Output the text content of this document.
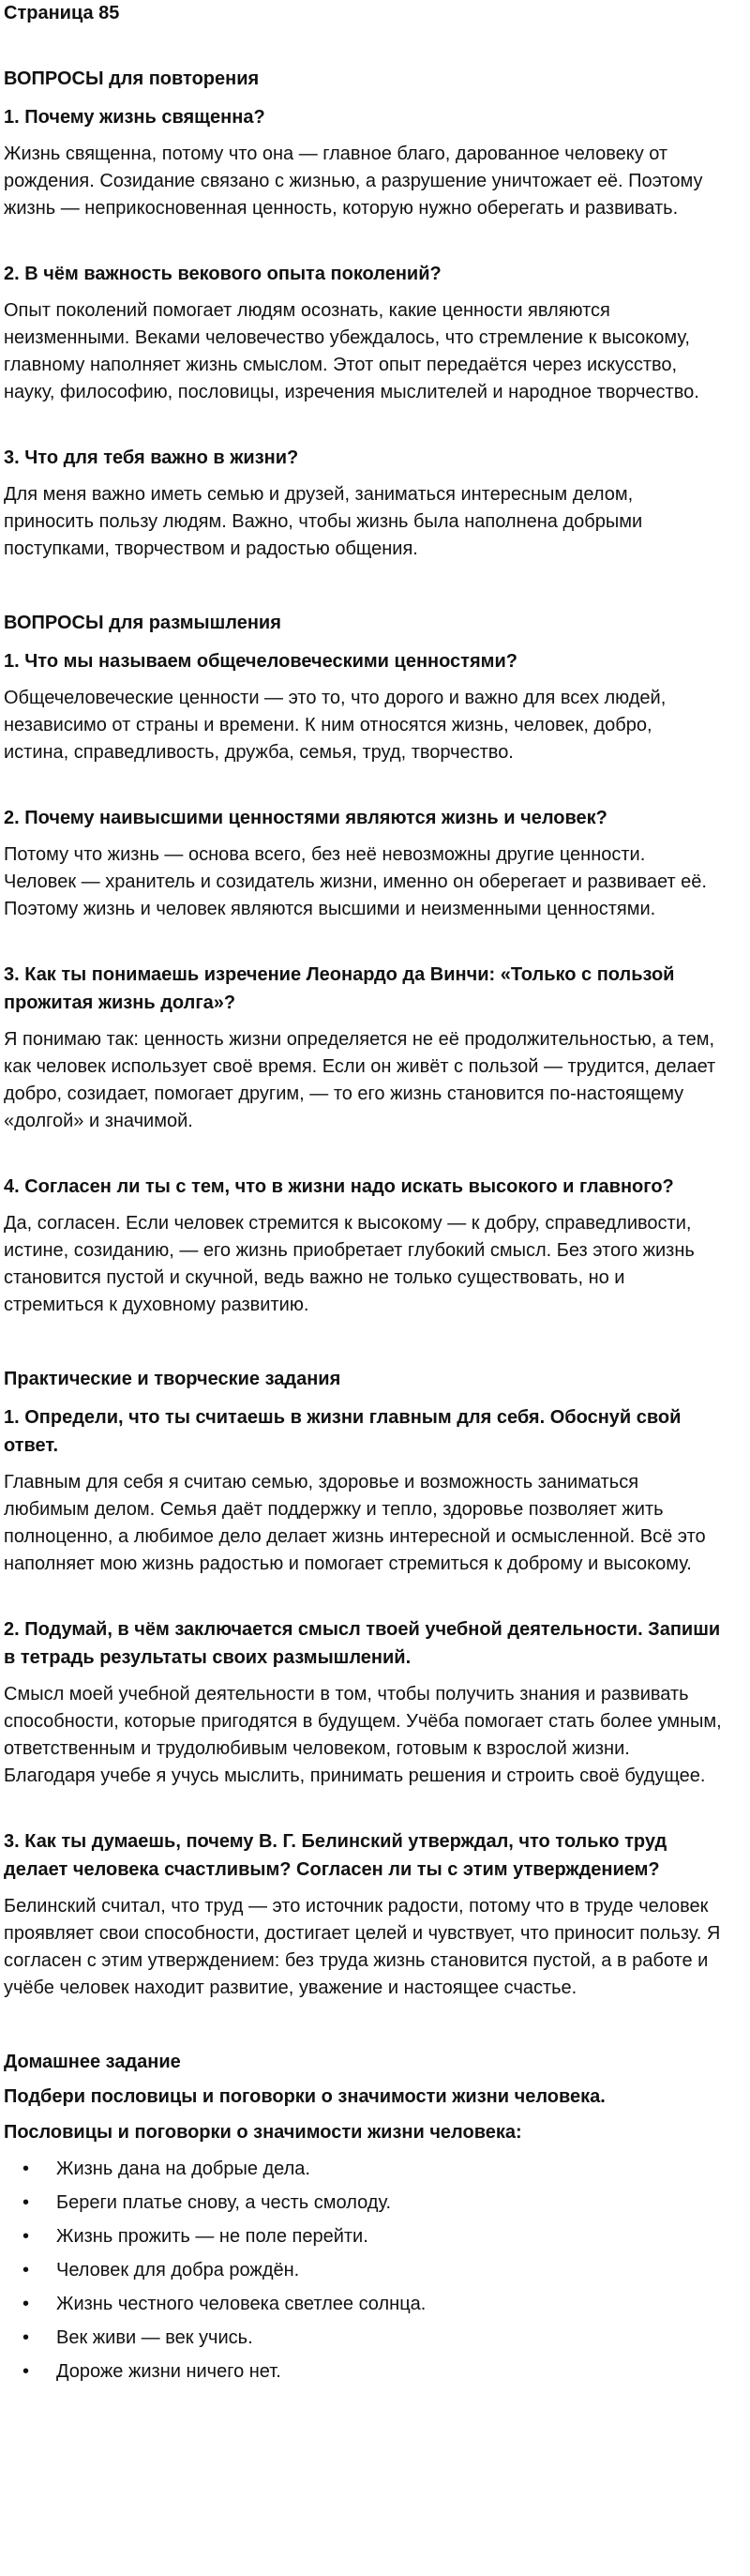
Страница 85
ВОПРОСЫ для повторения
1. Почему жизнь священна?
Жизнь священна, потому что она — главное благо, дарованное человеку от рождения. Созидание связано с жизнью, а разрушение уничтожает её. Поэтому жизнь — неприкосновенная ценность, которую нужно оберегать и развивать.
2. В чём важность векового опыта поколений?
Опыт поколений помогает людям осознать, какие ценности являются неизменными. Веками человечество убеждалось, что стремление к высокому, главному наполняет жизнь смыслом. Этот опыт передаётся через искусство, науку, философию, пословицы, изречения мыслителей и народное творчество.
3. Что для тебя важно в жизни?
Для меня важно иметь семью и друзей, заниматься интересным делом, приносить пользу людям. Важно, чтобы жизнь была наполнена добрыми поступками, творчеством и радостью общения.
ВОПРОСЫ для размышления
1. Что мы называем общечеловеческими ценностями?
Общечеловеческие ценности — это то, что дорого и важно для всех людей, независимо от страны и времени. К ним относятся жизнь, человек, добро, истина, справедливость, дружба, семья, труд, творчество.
2. Почему наивысшими ценностями являются жизнь и человек?
Потому что жизнь — основа всего, без неё невозможны другие ценности. Человек — хранитель и созидатель жизни, именно он оберегает и развивает её. Поэтому жизнь и человек являются высшими и неизменными ценностями.
3. Как ты понимаешь изречение Леонардо да Винчи: «Только с пользой прожитая жизнь долга»?
Я понимаю так: ценность жизни определяется не её продолжительностью, а тем, как человек использует своё время. Если он живёт с пользой — трудится, делает добро, созидает, помогает другим, — то его жизнь становится по-настоящему «долгой» и значимой.
4. Согласен ли ты с тем, что в жизни надо искать высокого и главного?
Да, согласен. Если человек стремится к высокому — к добру, справедливости, истине, созиданию, — его жизнь приобретает глубокий смысл. Без этого жизнь становится пустой и скучной, ведь важно не только существовать, но и стремиться к духовному развитию.
Практические и творческие задания
1. Определи, что ты считаешь в жизни главным для себя. Обоснуй свой ответ.
Главным для себя я считаю семью, здоровье и возможность заниматься любимым делом. Семья даёт поддержку и тепло, здоровье позволяет жить полноценно, а любимое дело делает жизнь интересной и осмысленной. Всё это наполняет мою жизнь радостью и помогает стремиться к доброму и высокому.
2. Подумай, в чём заключается смысл твоей учебной деятельности. Запиши в тетрадь результаты своих размышлений.
Смысл моей учебной деятельности в том, чтобы получить знания и развивать способности, которые пригодятся в будущем. Учёба помогает стать более умным, ответственным и трудолюбивым человеком, готовым к взрослой жизни. Благодаря учебе я учусь мыслить, принимать решения и строить своё будущее.
3. Как ты думаешь, почему В. Г. Белинский утверждал, что только труд делает человека счастливым? Согласен ли ты с этим утверждением?
Белинский считал, что труд — это источник радости, потому что в труде человек проявляет свои способности, достигает целей и чувствует, что приносит пользу. Я согласен с этим утверждением: без труда жизнь становится пустой, а в работе и учёбе человек находит развитие, уважение и настоящее счастье.
Домашнее задание
Подбери пословицы и поговорки о значимости жизни человека.
Пословицы и поговорки о значимости жизни человека:
• Жизнь дана на добрые дела.
• Береги платье снову, а честь смолоду.
• Жизнь прожить — не поле перейти.
• Человек для добра рождён.
• Жизнь честного человека светлее солнца.
• Век живи — век учись.
• Дороже жизни ничего нет.
